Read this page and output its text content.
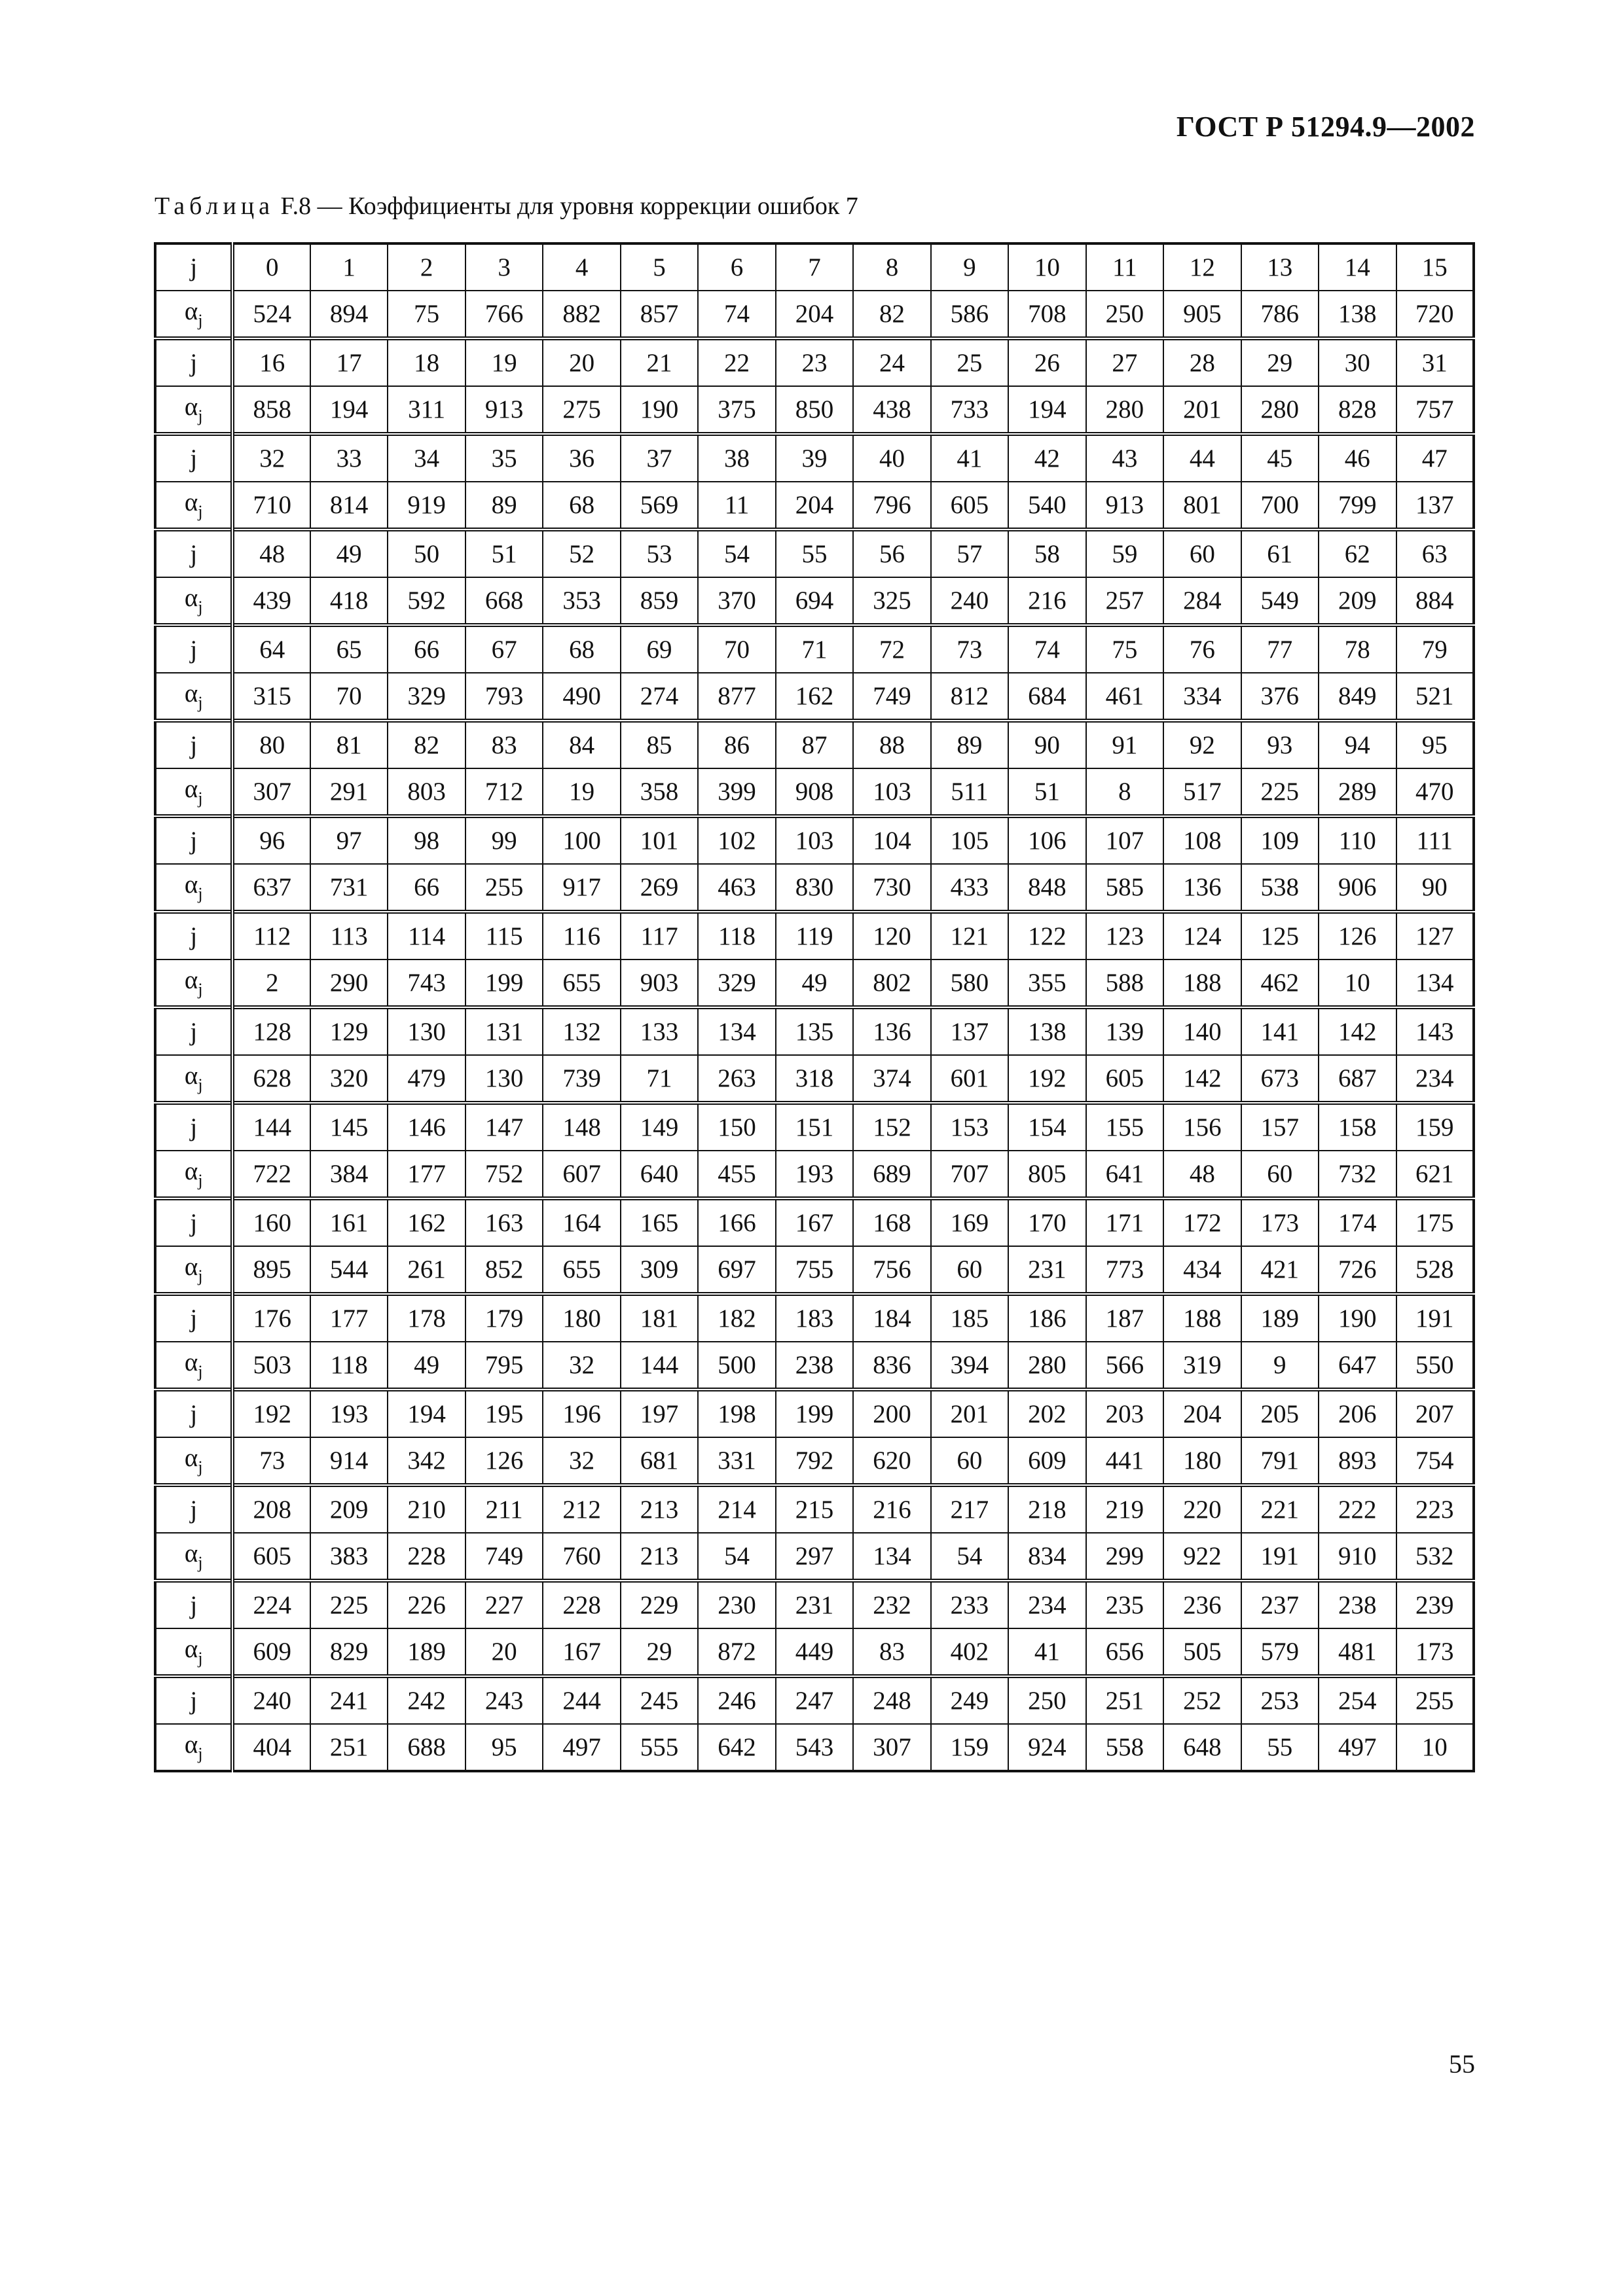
ГОСТ Р 51294.9—2002
Таблица F.8 — Коэффициенты для уровня коррекции ошибок 7
j	0	1	2	3	4	5	6	7	8	9	10	11	12	13	14	15
$\alpha_j$	524	894	75	766	882	857	74	204	82	586	708	250	905	786	138	720
j	16	17	18	19	20	21	22	23	24	25	26	27	28	29	30	31
$\alpha_j$	858	194	311	913	275	190	375	850	438	733	194	280	201	280	828	757
j	32	33	34	35	36	37	38	39	40	41	42	43	44	45	46	47
$\alpha_j$	710	814	919	89	68	569	11	204	796	605	540	913	801	700	799	137
j	48	49	50	51	52	53	54	55	56	57	58	59	60	61	62	63
$\alpha_j$	439	418	592	668	353	859	370	694	325	240	216	257	284	549	209	884
j	64	65	66	67	68	69	70	71	72	73	74	75	76	77	78	79
$\alpha_j$	315	70	329	793	490	274	877	162	749	812	684	461	334	376	849	521
j	80	81	82	83	84	85	86	87	88	89	90	91	92	93	94	95
$\alpha_j$	307	291	803	712	19	358	399	908	103	511	51	8	517	225	289	470
j	96	97	98	99	100	101	102	103	104	105	106	107	108	109	110	111
$\alpha_j$	637	731	66	255	917	269	463	830	730	433	848	585	136	538	906	90
j	112	113	114	115	116	117	118	119	120	121	122	123	124	125	126	127
$\alpha_j$	2	290	743	199	655	903	329	49	802	580	355	588	188	462	10	134
j	128	129	130	131	132	133	134	135	136	137	138	139	140	141	142	143
$\alpha_j$	628	320	479	130	739	71	263	318	374	601	192	605	142	673	687	234
j	144	145	146	147	148	149	150	151	152	153	154	155	156	157	158	159
$\alpha_j$	722	384	177	752	607	640	455	193	689	707	805	641	48	60	732	621
j	160	161	162	163	164	165	166	167	168	169	170	171	172	173	174	175
$\alpha_j$	895	544	261	852	655	309	697	755	756	60	231	773	434	421	726	528
j	176	177	178	179	180	181	182	183	184	185	186	187	188	189	190	191
$\alpha_j$	503	118	49	795	32	144	500	238	836	394	280	566	319	9	647	550
j	192	193	194	195	196	197	198	199	200	201	202	203	204	205	206	207
$\alpha_j$	73	914	342	126	32	681	331	792	620	60	609	441	180	791	893	754
j	208	209	210	211	212	213	214	215	216	217	218	219	220	221	222	223
$\alpha_j$	605	383	228	749	760	213	54	297	134	54	834	299	922	191	910	532
j	224	225	226	227	228	229	230	231	232	233	234	235	236	237	238	239
$\alpha_j$	609	829	189	20	167	29	872	449	83	402	41	656	505	579	481	173
j	240	241	242	243	244	245	246	247	248	249	250	251	252	253	254	255
$\alpha_j$	404	251	688	95	497	555	642	543	307	159	924	558	648	55	497	10
55
